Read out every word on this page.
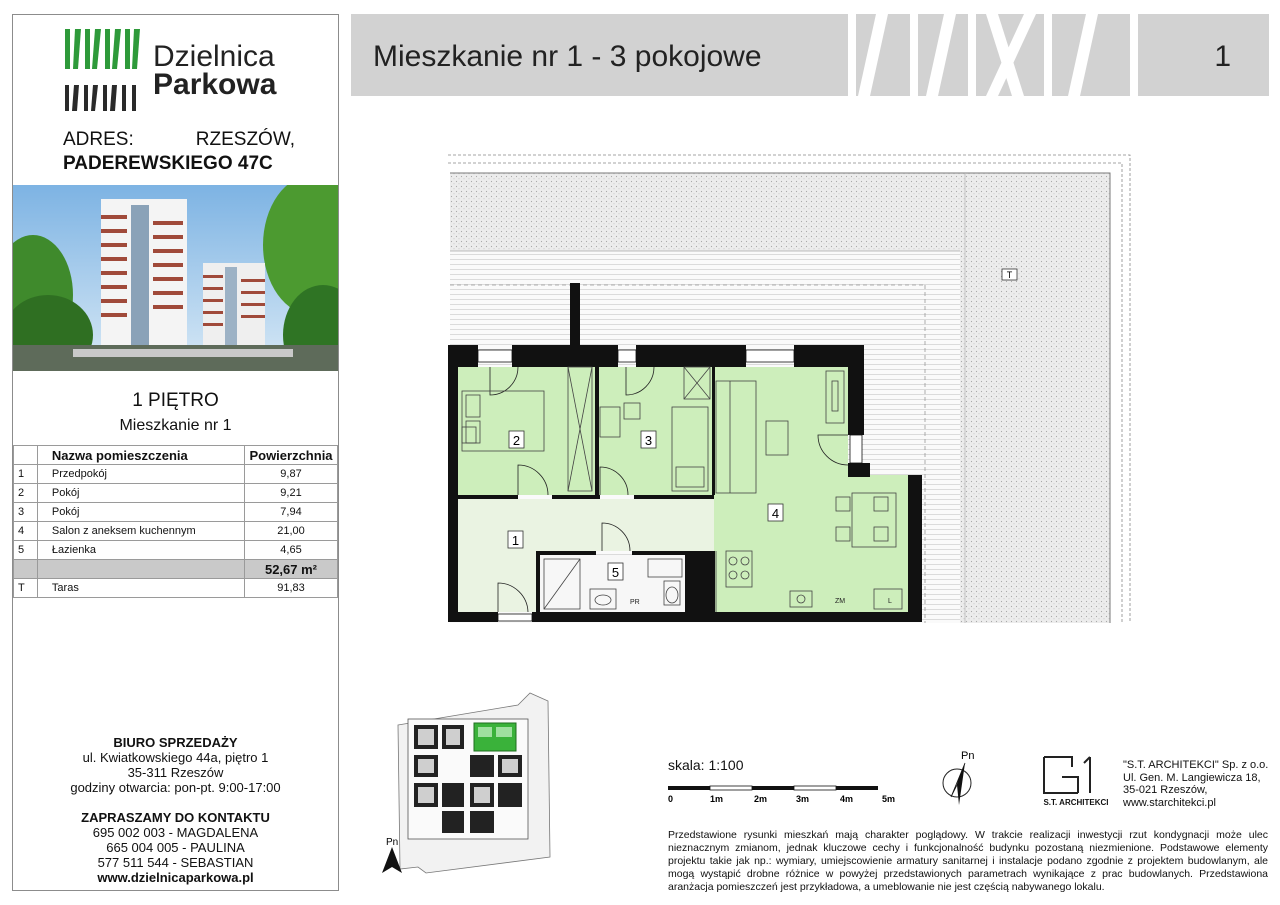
Dzielnica
Parkowa
ADRES:	RZESZÓW,
PADEREWSKIEGO 47C
1 PIĘTRO
Mieszkanie nr 1
	Nazwa pomieszczenia	Powierzchnia
1	Przedpokój	9,87
2	Pokój	9,21
3	Pokój	7,94
4	Salon z aneksem kuchennym	21,00
5	Łazienka	4,65
		52,67 m²
T	Taras	91,83
BIURO SPRZEDAŻY
ul. Kwiatkowskiego 44a, piętro 1
35-311 Rzeszów
godziny otwarcia: pon-pt. 9:00-17:00
ZAPRASZAMY DO KONTAKTU
695 002 003 - MAGDALENA
665 004 005 - PAULINA
577 511 544 - SEBASTIAN
www.dzielnicaparkowa.pl
Mieszkanie nr 1 - 3 pokojowe	1
T
2	3
4
1
5
PR	ZM	L
Pn
skala: 1:100
0	1m	2m	3m	4m	5m
Pn
S.T. ARCHITEKCI
"S.T. ARCHITEKCI" Sp. z o.o.
Ul. Gen. M. Langiewicza 18,
35-021 Rzeszów,
www.starchitekci.pl
Przedstawione rysunki mieszkań mają charakter poglądowy. W trakcie realizacji inwestycji rzut kondygnacji może ulec nieznacznym zmianom, jednak kluczowe cechy i funkcjonalność budynku pozostaną niezmienione. Podstawowe elementy projektu takie jak np.: wymiary, umiejscowienie armatury sanitarnej i instalacje podano zgodnie z projektem budowlanym, ale mogą wystąpić drobne różnice w powyżej przedstawionych parametrach wynikające z prac budowlanych. Przedstawiona aranżacja pomieszczeń jest przykładowa, a umeblowanie nie jest częścią nabywanego lokalu.
